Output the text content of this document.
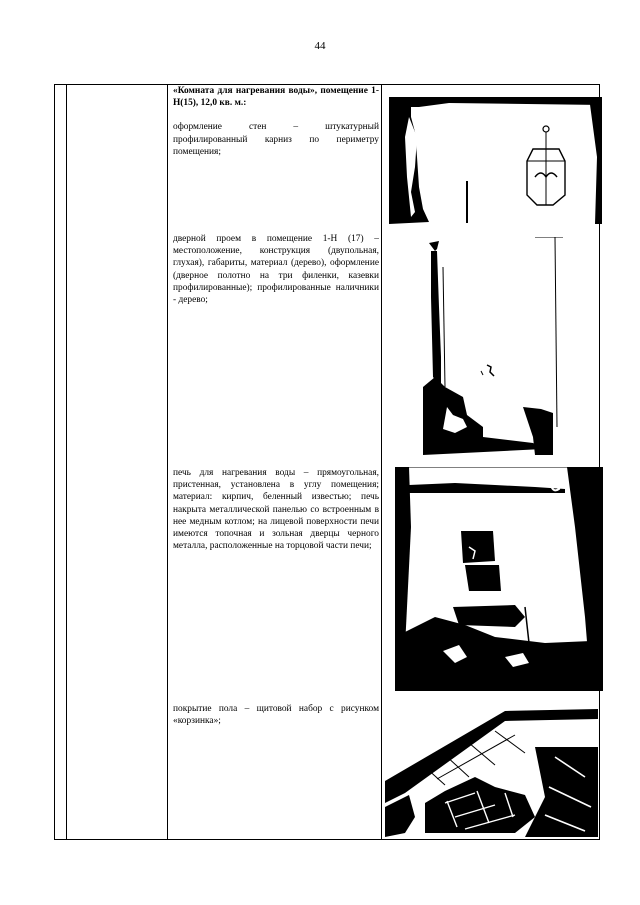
44

«Комната для нагревания воды», помещение 1-Н(15), 12,0 кв. м.:

оформление стен – штукатурный профилированный карниз по периметру помещения;

дверной проем в помещение 1-Н (17) – местоположение, конструкция (двупольная, глухая), габариты, материал (дерево), оформление (дверное полотно на три филенки, казевки профилированные); профилированные наличники - дерево;

печь для нагревания воды – прямоугольная, пристенная, установлена в углу помещения; материал: кирпич, беленный известью; печь накрыта металлической панелью со встроенным в нее медным котлом; на лицевой поверхности печи имеются топочная и зольная дверцы черного металла, расположенные на торцовой части печи;

покрытие пола – щитовой набор с рисунком «корзинка»;
